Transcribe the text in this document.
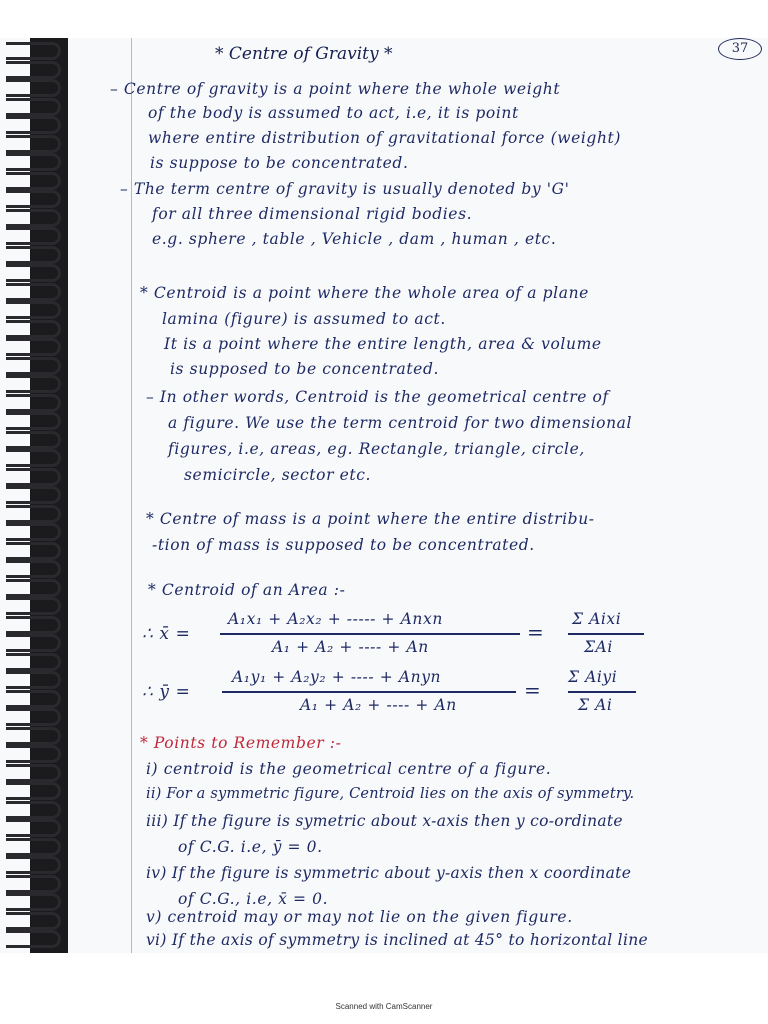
37
* Centre of Gravity *
– Centre of gravity is a point where the whole weight
of the body is assumed to act, i.e, it is point
where entire distribution of gravitational force (weight)
is suppose to be concentrated.
– The term centre of gravity is usually denoted by 'G'
for all three dimensional rigid bodies.
e.g. sphere , table , Vehicle , dam , human , etc.
* Centroid is a point where the whole area of a plane
lamina (figure) is assumed to act.
It is a point where the entire length, area & volume
is supposed to be concentrated.
– In other words, Centroid is the geometrical centre of
a figure. We use the term centroid for two dimensional
figures, i.e, areas, eg. Rectangle, triangle, circle,
semicircle, sector etc.
* Centre of mass is a point where the entire distribu-
-tion of mass is supposed to be concentrated.
* Centroid of an Area :-
∴ x̄ =
A₁x₁ + A₂x₂ + ----- + Anxn
A₁ + A₂ + ---- + An
=
Σ Aixi
ΣAi
∴ ȳ =
A₁y₁ + A₂y₂ + ---- + Anyn
A₁ + A₂ + ---- + An
=
Σ Aiyi
Σ Ai
* Points to Remember :-
i) centroid is the geometrical centre of a figure.
ii) For a symmetric figure, Centroid lies on the axis of symmetry.
iii) If the figure is symetric about x-axis then y co-ordinate
of C.G. i.e, ȳ = 0.
iv) If the figure is symmetric about y-axis then x coordinate
of C.G., i.e, x̄ = 0.
v) centroid may or may not lie on the given figure.
vi) If the axis of symmetry is inclined at 45° to horizontal line
Scanned with CamScanner
